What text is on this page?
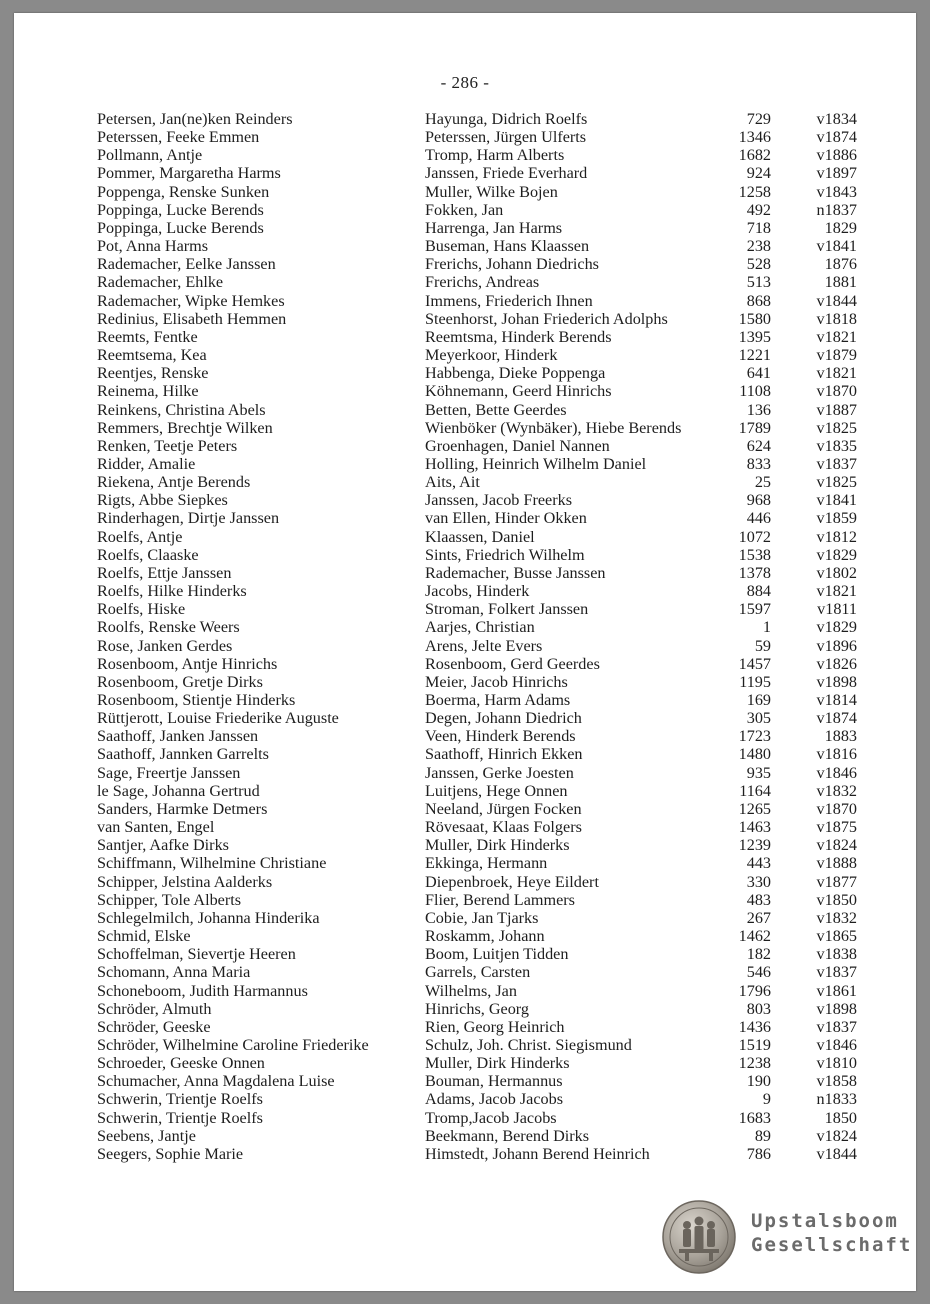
- 286 -
Petersen, Jan(ne)ken Reinders	Hayunga, Didrich Roelfs	729	v1834
Peterssen, Feeke Emmen	Peterssen, Jürgen Ulferts	1346	v1874
Pollmann, Antje	Tromp, Harm Alberts	1682	v1886
Pommer, Margaretha Harms	Janssen, Friede Everhard	924	v1897
Poppenga, Renske Sunken	Muller, Wilke Bojen	1258	v1843
Poppinga, Lucke Berends	Fokken, Jan	492	n1837
Poppinga, Lucke Berends	Harrenga, Jan Harms	718	1829
Pot, Anna Harms	Buseman, Hans Klaassen	238	v1841
Rademacher, Eelke Janssen	Frerichs, Johann Diedrichs	528	1876
Rademacher, Ehlke	Frerichs, Andreas	513	1881
Rademacher, Wipke Hemkes	Immens, Friederich Ihnen	868	v1844
Redinius, Elisabeth Hemmen	Steenhorst, Johan Friederich Adolphs	1580	v1818
Reemts, Fentke	Reemtsma, Hinderk Berends	1395	v1821
Reemtsema, Kea	Meyerkoor, Hinderk	1221	v1879
Reentjes, Renske	Habbenga, Dieke Poppenga	641	v1821
Reinema, Hilke	Köhnemann, Geerd Hinrichs	1108	v1870
Reinkens, Christina Abels	Betten, Bette Geerdes	136	v1887
Remmers, Brechtje Wilken	Wienböker (Wynbäker), Hiebe Berends	1789	v1825
Renken, Teetje Peters	Groenhagen, Daniel Nannen	624	v1835
Ridder, Amalie	Holling, Heinrich Wilhelm Daniel	833	v1837
Riekena, Antje Berends	Aits, Ait	25	v1825
Rigts, Abbe Siepkes	Janssen, Jacob Freerks	968	v1841
Rinderhagen, Dirtje Janssen	van Ellen, Hinder Okken	446	v1859
Roelfs, Antje	Klaassen, Daniel	1072	v1812
Roelfs, Claaske	Sints, Friedrich Wilhelm	1538	v1829
Roelfs, Ettje Janssen	Rademacher, Busse Janssen	1378	v1802
Roelfs, Hilke Hinderks	Jacobs, Hinderk	884	v1821
Roelfs, Hiske	Stroman, Folkert Janssen	1597	v1811
Roolfs, Renske Weers	Aarjes, Christian	1	v1829
Rose, Janken Gerdes	Arens, Jelte Evers	59	v1896
Rosenboom, Antje Hinrichs	Rosenboom, Gerd Geerdes	1457	v1826
Rosenboom, Gretje Dirks	Meier, Jacob Hinrichs	1195	v1898
Rosenboom, Stientje Hinderks	Boerma, Harm Adams	169	v1814
Rüttjerott, Louise Friederike Auguste	Degen, Johann Diedrich	305	v1874
Saathoff, Janken Janssen	Veen, Hinderk Berends	1723	1883
Saathoff, Jannken Garrelts	Saathoff, Hinrich Ekken	1480	v1816
Sage, Freertje Janssen	Janssen, Gerke Joesten	935	v1846
le Sage, Johanna Gertrud	Luitjens, Hege Onnen	1164	v1832
Sanders, Harmke Detmers	Neeland, Jürgen Focken	1265	v1870
van Santen, Engel	Rövesaat, Klaas Folgers	1463	v1875
Santjer, Aafke Dirks	Muller, Dirk Hinderks	1239	v1824
Schiffmann, Wilhelmine Christiane	Ekkinga, Hermann	443	v1888
Schipper, Jelstina Aalderks	Diepenbroek, Heye Eildert	330	v1877
Schipper, Tole Alberts	Flier, Berend Lammers	483	v1850
Schlegelmilch, Johanna Hinderika	Cobie, Jan Tjarks	267	v1832
Schmid, Elske	Roskamm, Johann	1462	v1865
Schoffelman, Sievertje Heeren	Boom, Luitjen Tidden	182	v1838
Schomann, Anna Maria	Garrels, Carsten	546	v1837
Schoneboom, Judith Harmannus	Wilhelms, Jan	1796	v1861
Schröder, Almuth	Hinrichs, Georg	803	v1898
Schröder, Geeske	Rien, Georg Heinrich	1436	v1837
Schröder, Wilhelmine Caroline Friederike	Schulz, Joh. Christ. Siegismund	1519	v1846
Schroeder, Geeske Onnen	Muller, Dirk Hinderks	1238	v1810
Schumacher, Anna Magdalena Luise	Bouman, Hermannus	190	v1858
Schwerin, Trientje Roelfs	Adams, Jacob Jacobs	9	n1833
Schwerin, Trientje Roelfs	Tromp,Jacob Jacobs	1683	1850
Seebens, Jantje	Beekmann, Berend Dirks	89	v1824
Seegers, Sophie Marie	Himstedt, Johann Berend Heinrich	786	v1844
Upstalsboom
Gesellschaft
